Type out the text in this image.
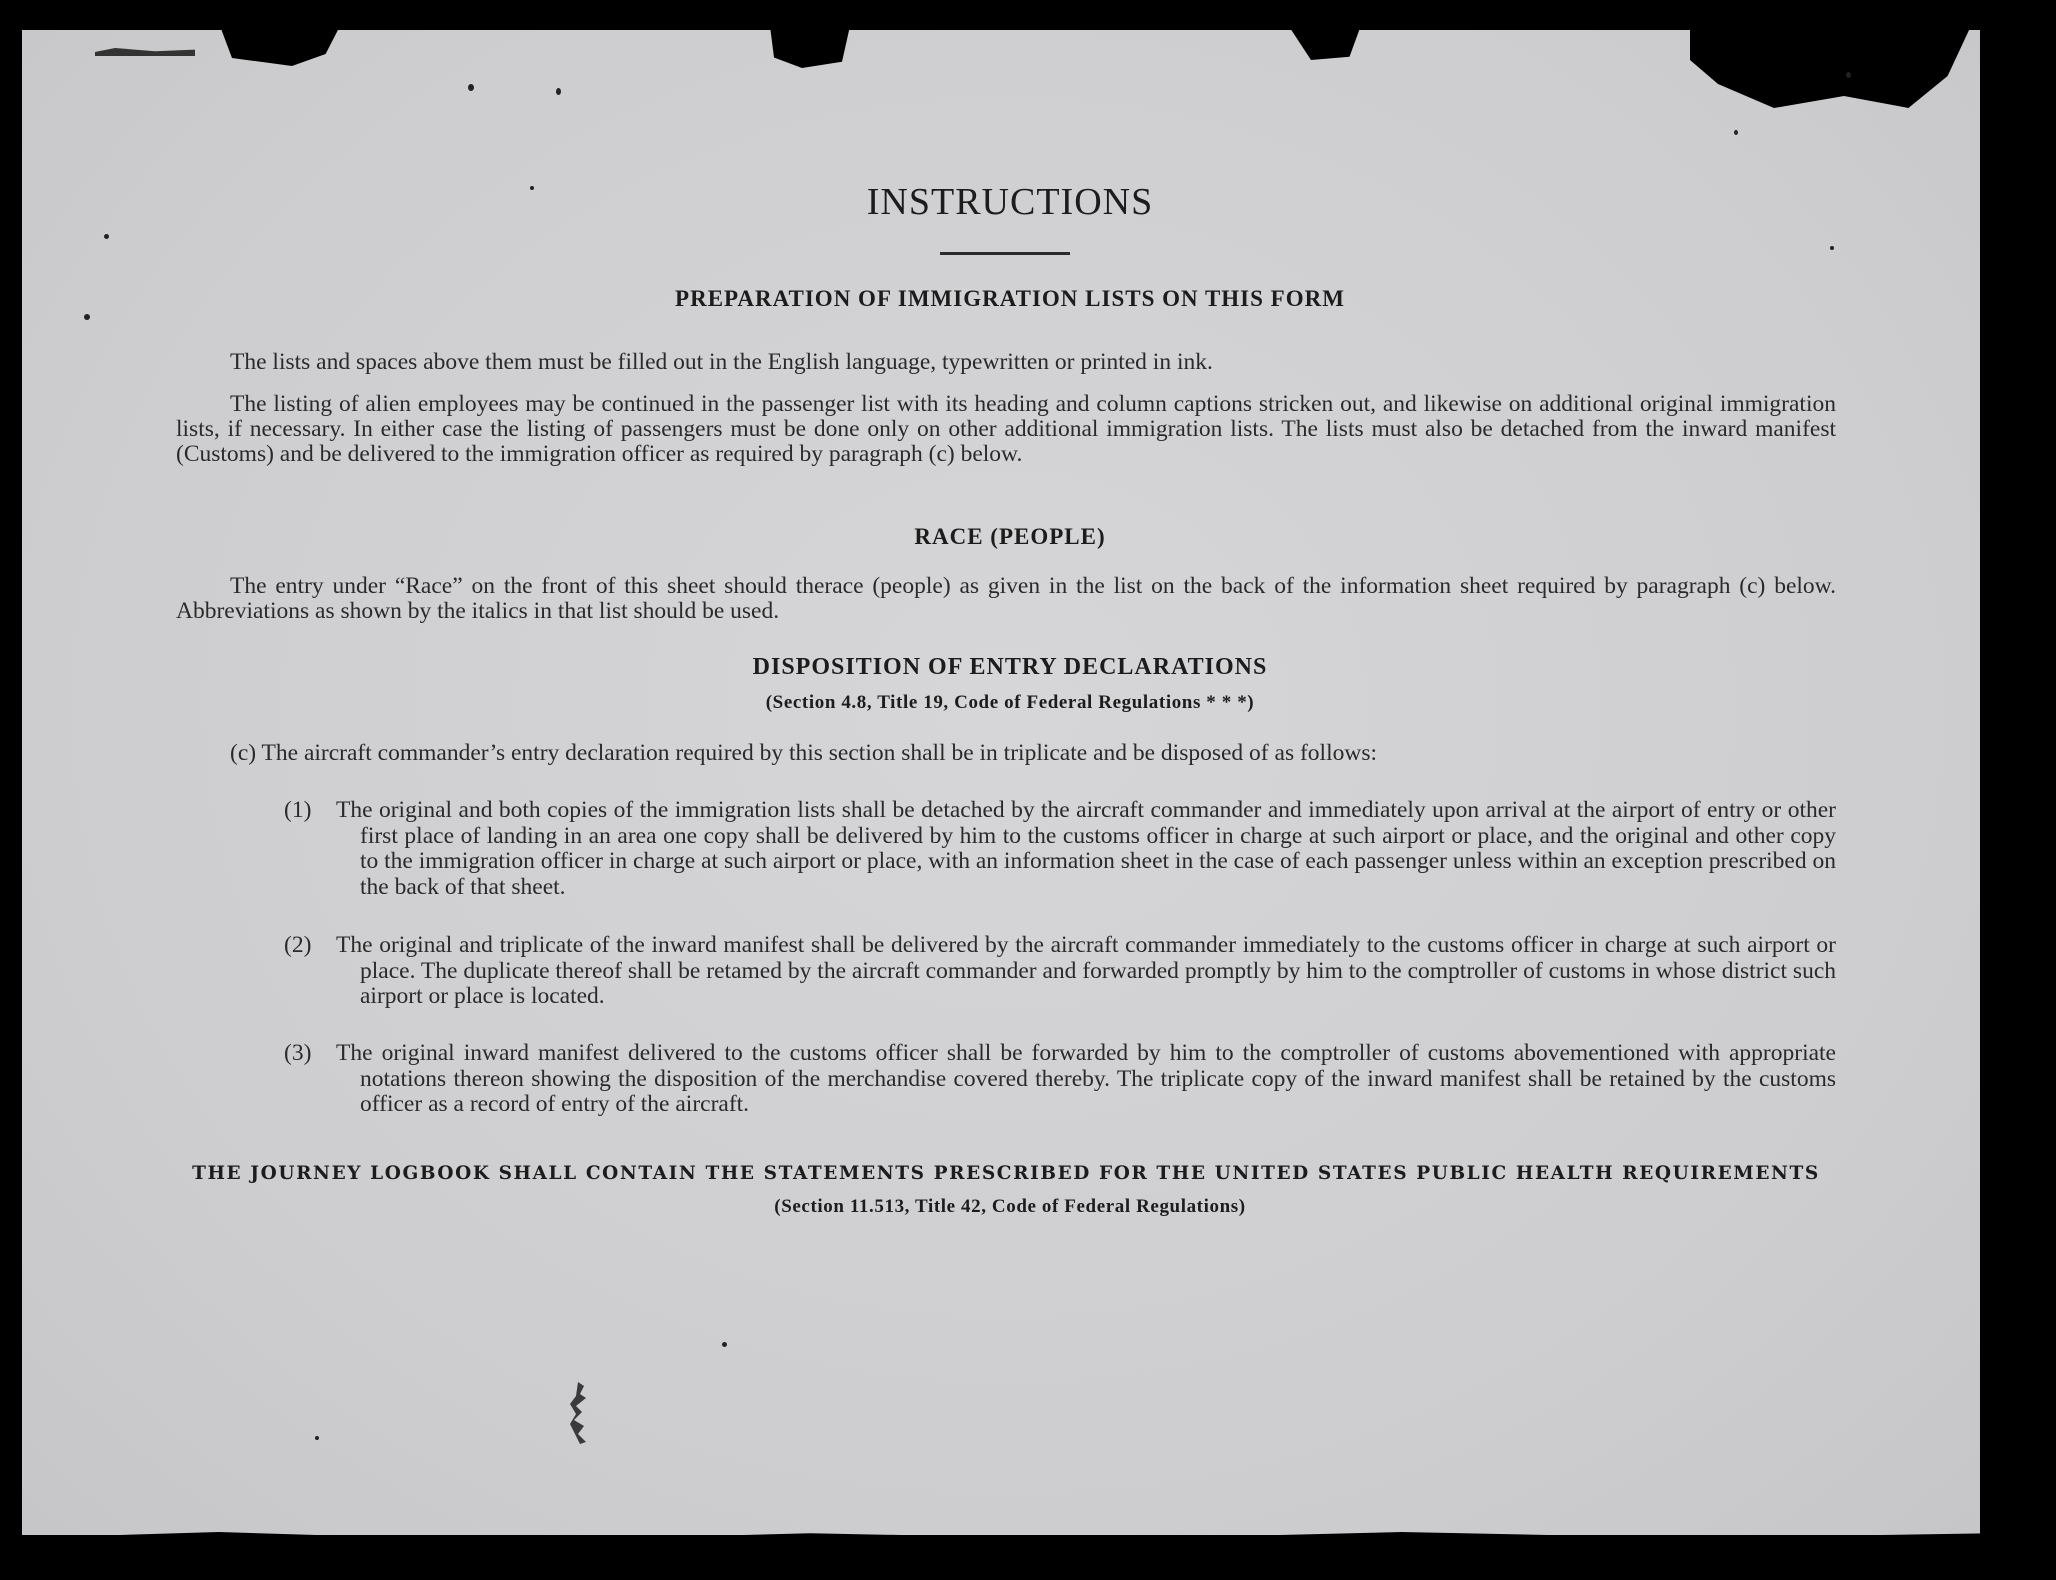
INSTRUCTIONS
PREPARATION OF IMMIGRATION LISTS ON THIS FORM
The lists and spaces above them must be filled out in the English language, typewritten or printed in ink.
The listing of alien employees may be continued in the passenger list with its heading and column captions stricken out, and likewise on additional original immigration lists, if necessary. In either case the listing of passengers must be done only on other additional immigration lists. The lists must also be detached from the inward manifest (Customs) and be delivered to the immigration officer as required by paragraph (c) below.
RACE (PEOPLE)
The entry under “Race” on the front of this sheet should therace (people) as given in the list on the back of the information sheet required by paragraph (c) below. Abbreviations as shown by the italics in that list should be used.
DISPOSITION OF ENTRY DECLARATIONS
(Section 4.8, Title 19, Code of Federal Regulations * * *)
(c) The aircraft commander’s entry declaration required by this section shall be in triplicate and be disposed of as follows:
(1)	The original and both copies of the immigration lists shall be detached by the aircraft commander and immediately upon arrival at the airport of entry or other first place of landing in an area one copy shall be delivered by him to the customs officer in charge at such airport or place, and the original and other copy to the immigration officer in charge at such airport or place, with an information sheet in the case of each passenger unless within an exception prescribed on the back of that sheet.
(2)	The original and triplicate of the inward manifest shall be delivered by the aircraft commander immediately to the customs officer in charge at such airport or place. The duplicate thereof shall be retamed by the aircraft commander and forwarded promptly by him to the comptroller of customs in whose district such airport or place is located.
(3)	The original inward manifest delivered to the customs officer shall be forwarded by him to the comptroller of customs abovementioned with appropriate notations thereon showing the disposition of the merchandise covered thereby. The triplicate copy of the inward manifest shall be retained by the customs officer as a record of entry of the aircraft.
THE JOURNEY LOGBOOK SHALL CONTAIN THE STATEMENTS PRESCRIBED FOR THE UNITED STATES PUBLIC HEALTH REQUIREMENTS
(Section 11.513, Title 42, Code of Federal Regulations)
